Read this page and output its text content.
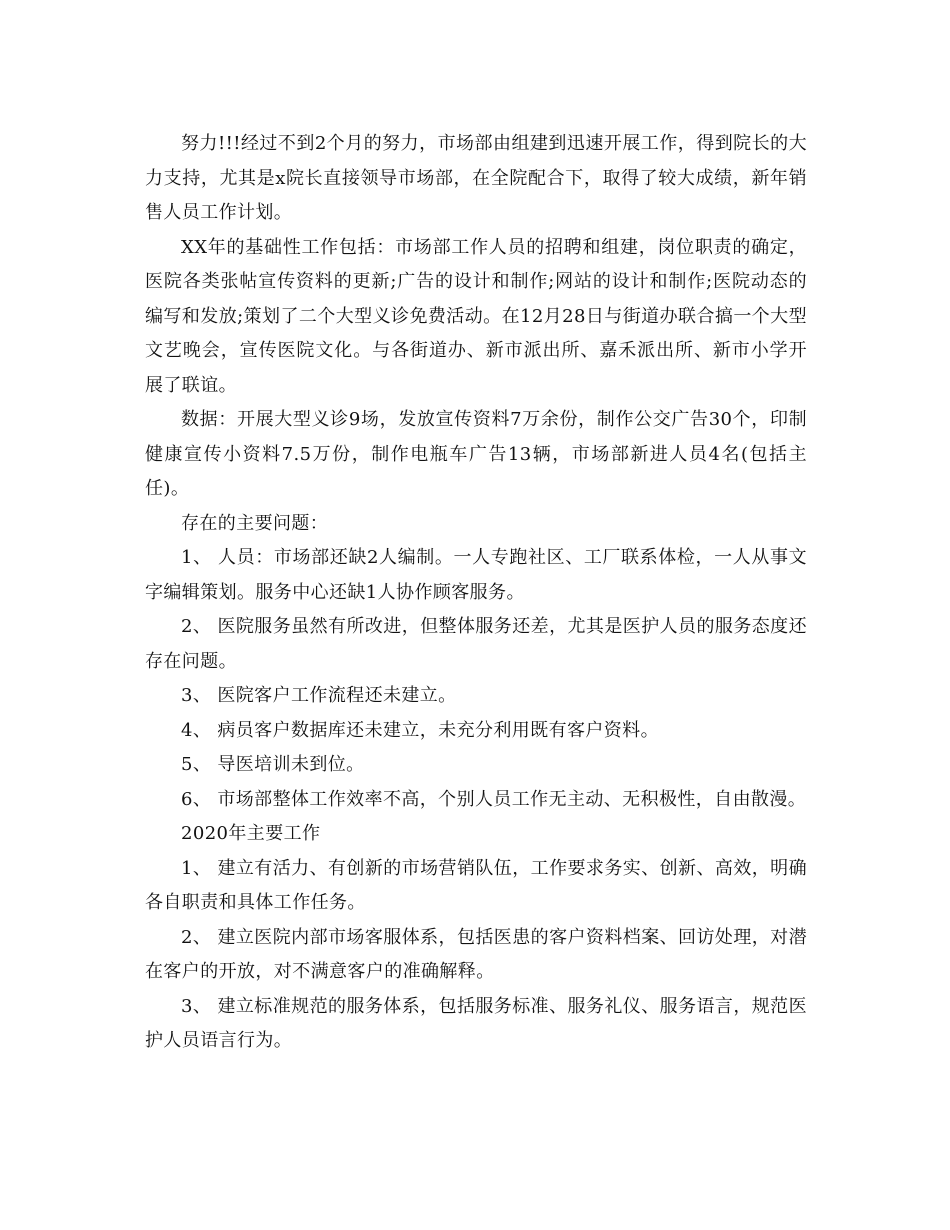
努力!!!经过不到2个月的努力，市场部由组建到迅速开展工作，得到院长的大力支持，尤其是x院长直接领导市场部，在全院配合下，取得了较大成绩，新年销售人员工作计划。

XX年的基础性工作包括：市场部工作人员的招聘和组建，岗位职责的确定，医院各类张帖宣传资料的更新;广告的设计和制作;网站的设计和制作;医院动态的编写和发放;策划了二个大型义诊免费活动。在12月28日与街道办联合搞一个大型文艺晚会，宣传医院文化。与各街道办、新市派出所、嘉禾派出所、新市小学开展了联谊。

数据：开展大型义诊9场，发放宣传资料7万余份，制作公交广告30个，印制健康宣传小资料7.5万份，制作电瓶车广告13辆，市场部新进人员4名(包括主任)。

存在的主要问题：

1、 人员：市场部还缺2人编制。一人专跑社区、工厂联系体检，一人从事文字编辑策划。服务中心还缺1人协作顾客服务。

2、 医院服务虽然有所改进，但整体服务还差，尤其是医护人员的服务态度还存在问题。

3、 医院客户工作流程还未建立。

4、 病员客户数据库还未建立，未充分利用既有客户资料。

5、 导医培训未到位。

6、 市场部整体工作效率不高，个别人员工作无主动、无积极性，自由散漫。

2020年主要工作

1、 建立有活力、有创新的市场营销队伍，工作要求务实、创新、高效，明确各自职责和具体工作任务。

2、 建立医院内部市场客服体系，包括医患的客户资料档案、回访处理，对潜在客户的开放，对不满意客户的准确解释。

3、 建立标准规范的服务体系，包括服务标准、服务礼仪、服务语言，规范医护人员语言行为。
